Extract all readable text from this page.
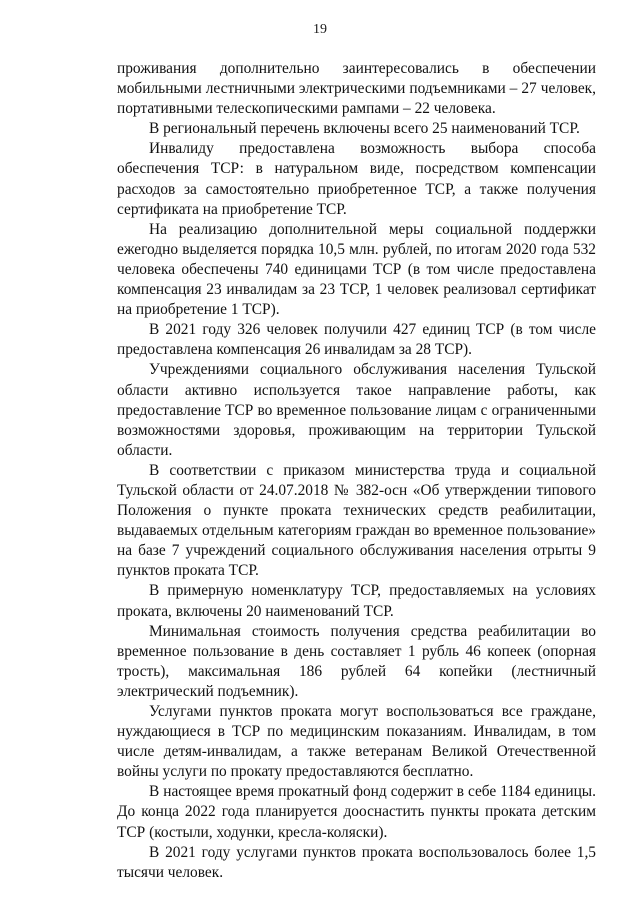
19

проживания дополнительно заинтересовались в обеспечении мобильными лестничными электрическими подъемниками – 27 человек, портативными телескопическими рампами – 22 человека.

В региональный перечень включены всего 25 наименований ТСР.

Инвалиду предоставлена возможность выбора способа обеспечения ТСР: в натуральном виде, посредством компенсации расходов за самостоятельно приобретенное ТСР, а также получения сертификата на приобретение ТСР.

На реализацию дополнительной меры социальной поддержки ежегодно выделяется порядка 10,5 млн. рублей, по итогам 2020 года 532 человека обеспечены 740 единицами ТСР (в том числе предоставлена компенсация 23 инвалидам за 23 ТСР, 1 человек реализовал сертификат на приобретение 1 ТСР).

В 2021 году 326 человек получили 427 единиц ТСР (в том числе предоставлена компенсация 26 инвалидам за 28 ТСР).

Учреждениями социального обслуживания населения Тульской области активно используется такое направление работы, как предоставление ТСР во временное пользование лицам с ограниченными возможностями здоровья, проживающим на территории Тульской области.

В соответствии с приказом министерства труда и социальной Тульской области от 24.07.2018 № 382-осн «Об утверждении типового Положения о пункте проката технических средств реабилитации, выдаваемых отдельным категориям граждан во временное пользование» на базе 7 учреждений социального обслуживания населения отрыты 9 пунктов проката ТСР.

В примерную номенклатуру ТСР, предоставляемых на условиях проката, включены 20 наименований ТСР.

Минимальная стоимость получения средства реабилитации во временное пользование в день составляет 1 рубль 46 копеек (опорная трость), максимальная 186 рублей 64 копейки (лестничный электрический подъемник).

Услугами пунктов проката могут воспользоваться все граждане, нуждающиеся в ТСР по медицинским показаниям. Инвалидам, в том числе детям-инвалидам, а также ветеранам Великой Отечественной войны услуги по прокату предоставляются бесплатно.

В настоящее время прокатный фонд содержит в себе 1184 единицы. До конца 2022 года планируется дооснастить пункты проката детским ТСР (костыли, ходунки, кресла-коляски).

В 2021 году услугами пунктов проката воспользовалось более 1,5 тысячи человек.
